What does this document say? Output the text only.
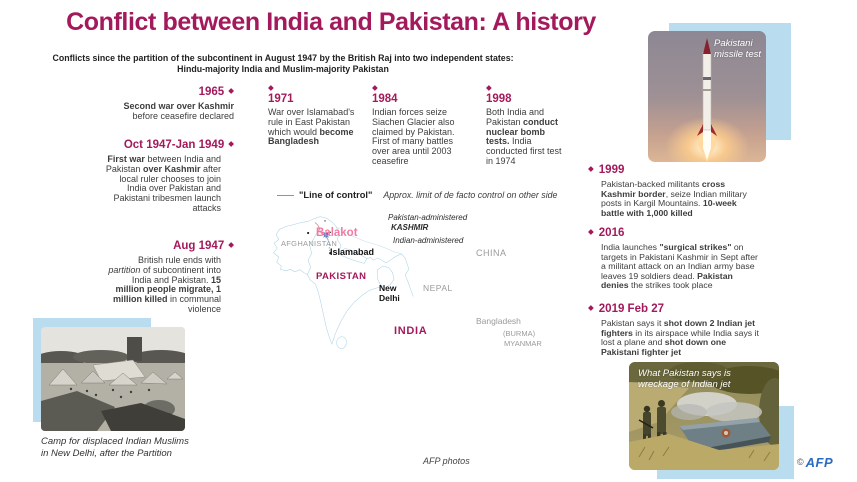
Conflict between India and Pakistan: A history
Conflicts since the partition of the subcontinent in August 1947 by the British Raj into two independent states:
Hindu-majority India and Muslim-majority Pakistan
1965 ◆
Second war over Kashmir before ceasefire declared
Oct 1947-Jan 1949 ◆
First war between India and Pakistan over Kashmir after local ruler chooses to join India over Pakistan and Pakistani tribesmen launch attacks
Aug 1947 ◆
British rule ends with partition of subcontinent into India and Pakistan. 15 million people migrate, 1 million killed in communal violence
◆
1971
War over Islamabad's rule in East Pakistan which would become Bangladesh
◆
1984
Indian forces seize Siachen Glacier also claimed by Pakistan. First of many battles over area until 2003 ceasefire
◆
1998
Both India and Pakistan conduct nuclear bomb tests. India conducted first test in 1974
◆ 1999
Pakistan-backed militants cross Kashmir border, seize Indian military posts in Kargil Mountains. 10-week battle with 1,000 killed
◆ 2016
India launches "surgical strikes" on targets in Pakistani Kashmir in Sept after a militant attack on an Indian army base leaves 19 soldiers dead. Pakistan denies the strikes took place
◆ 2019 Feb 27
Pakistan says it shot down 2 Indian jet fighters in its airspace while India says it lost a plane and shot down one Pakistani fighter jet
"Line of control" Approx. limit of de facto control on other side
Pakistan-administered
KASHMIR
Indian-administered
Balakot
AFGHANISTAN
Islamabad	CHINA
PAKISTAN
New Delhi
NEPAL
INDIA
Bangladesh
(BURMA)
MYANMAR
Pakistani
missile test
Camp for displaced Indian Muslims
in New Delhi, after the Partition
What Pakistan says is
wreckage of Indian jet
AFP photos	© AFP
